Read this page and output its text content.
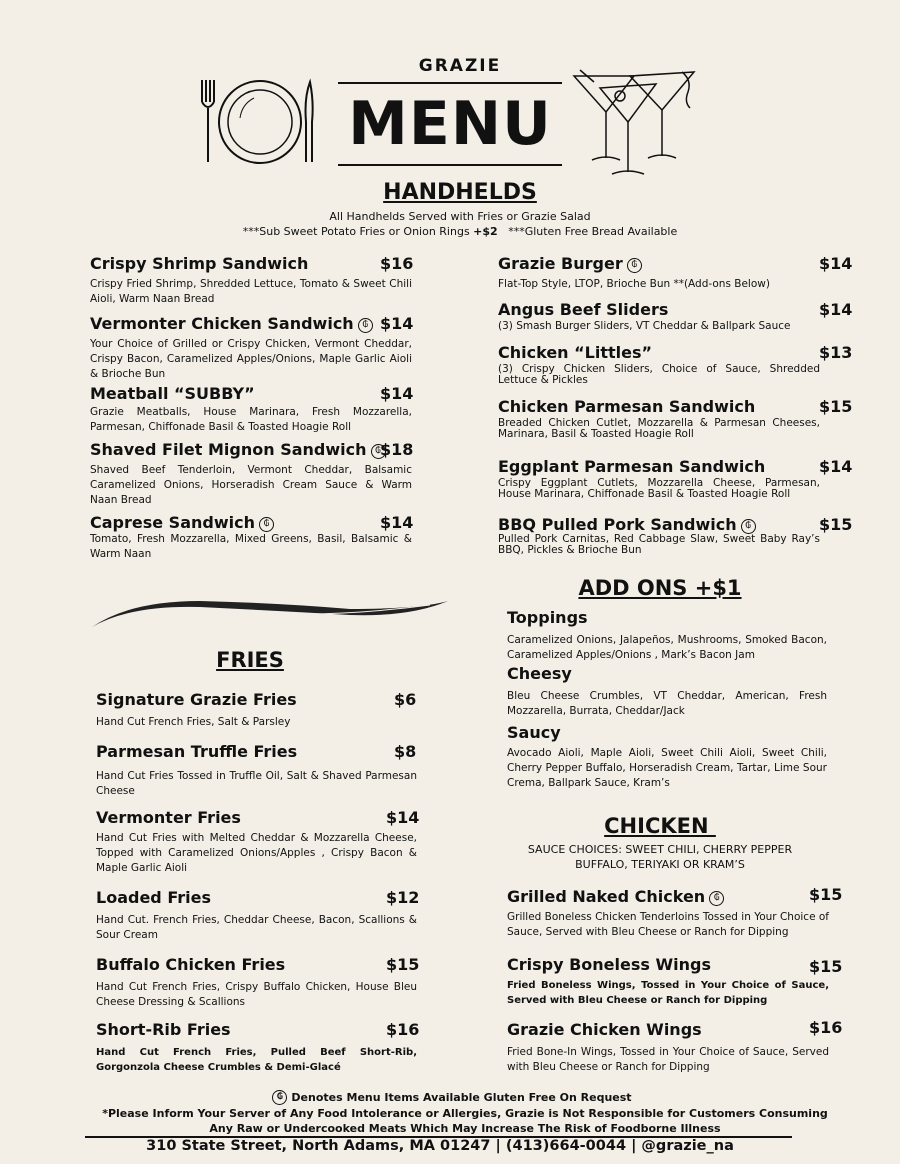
GRAZIE
MENU
HANDHELDS
All Handhelds Served with Fries or Grazie Salad
***Sub Sweet Potato Fries or Onion Rings +$2   ***Gluten Free Bread Available
Crispy Shrimp Sandwich	$16
Crispy Fried Shrimp, Shredded Lettuce, Tomato & Sweet Chili Aioli, Warm Naan Bread
Vermonter Chicken Sandwich ₲ $14
Your Choice of Grilled or Crispy Chicken, Vermont Cheddar, Crispy Bacon, Caramelized Apples/Onions, Maple Garlic Aioli & Brioche Bun
Meatball “SUBBY”	$14
Grazie Meatballs, House Marinara, Fresh Mozzarella, Parmesan, Chiffonade Basil & Toasted Hoagie Roll
Shaved Filet Mignon Sandwich ₲ $18
Shaved Beef Tenderloin, Vermont Cheddar, Balsamic Caramelized Onions, Horseradish Cream Sauce & Warm Naan Bread
Caprese Sandwich ₲	$14
Tomato, Fresh Mozzarella, Mixed Greens, Basil, Balsamic & Warm Naan
Grazie Burger ₲	$14
Flat-Top Style, LTOP, Brioche Bun **(Add-ons Below)
Angus Beef Sliders	$14
(3) Smash Burger Sliders, VT Cheddar & Ballpark Sauce
Chicken “Littles”	$13
(3) Crispy Chicken Sliders, Choice of Sauce, Shredded Lettuce & Pickles
Chicken Parmesan Sandwich	$15
Breaded Chicken Cutlet, Mozzarella & Parmesan Cheeses, Marinara, Basil & Toasted Hoagie Roll
Eggplant Parmesan Sandwich	$14
Crispy Eggplant Cutlets, Mozzarella Cheese, Parmesan, House Marinara, Chiffonade Basil & Toasted Hoagie Roll
BBQ Pulled Pork Sandwich ₲	$15
Pulled Pork Carnitas, Red Cabbage Slaw, Sweet Baby Ray’s BBQ, Pickles & Brioche Bun
ADD ONS +$1
Toppings
Caramelized Onions, Jalapeños, Mushrooms, Smoked Bacon, Caramelized Apples/Onions , Mark’s Bacon Jam
Cheesy
Bleu Cheese Crumbles, VT Cheddar, American, Fresh Mozzarella, Burrata, Cheddar/Jack
Saucy
Avocado Aioli, Maple Aioli, Sweet Chili Aioli, Sweet Chili, Cherry Pepper Buffalo, Horseradish Cream, Tartar, Lime Sour Crema, Ballpark Sauce, Kram’s
FRIES
Signature Grazie Fries	$6
Hand Cut French Fries, Salt & Parsley
Parmesan Truffle Fries	$8
Hand Cut Fries Tossed in Truffle Oil, Salt & Shaved Parmesan Cheese
Vermonter Fries	$14
Hand Cut Fries with Melted Cheddar & Mozzarella Cheese, Topped with Caramelized Onions/Apples , Crispy Bacon & Maple Garlic Aioli
Loaded Fries	$12
Hand Cut. French Fries, Cheddar Cheese, Bacon, Scallions & Sour Cream
Buffalo Chicken Fries	$15
Hand Cut French Fries, Crispy Buffalo Chicken, House Bleu Cheese Dressing & Scallions
Short-Rib Fries	$16
Hand Cut French Fries, Pulled Beef Short-Rib, Gorgonzola Cheese Crumbles & Demi-Glacé
CHICKEN
SAUCE CHOICES: SWEET CHILI, CHERRY PEPPER BUFFALO, TERIYAKI OR KRAM’S
Grilled Naked Chicken ₲	$15
Grilled Boneless Chicken Tenderloins Tossed in Your Choice of Sauce, Served with Bleu Cheese or Ranch for Dipping
Crispy Boneless Wings	$15
Fried Boneless Wings, Tossed in Your Choice of Sauce, Served with Bleu Cheese or Ranch for Dipping
Grazie Chicken Wings	$16
Fried Bone-In Wings, Tossed in Your Choice of Sauce, Served with Bleu Cheese or Ranch for Dipping
₲ Denotes Menu Items Available Gluten Free On Request
*Please Inform Your Server of Any Food Intolerance or Allergies, Grazie is Not Responsible for Customers Consuming
Any Raw or Undercooked Meats Which May Increase The Risk of Foodborne Illness
310 State Street, North Adams, MA 01247 | (413)664-0044 | @grazie_na
